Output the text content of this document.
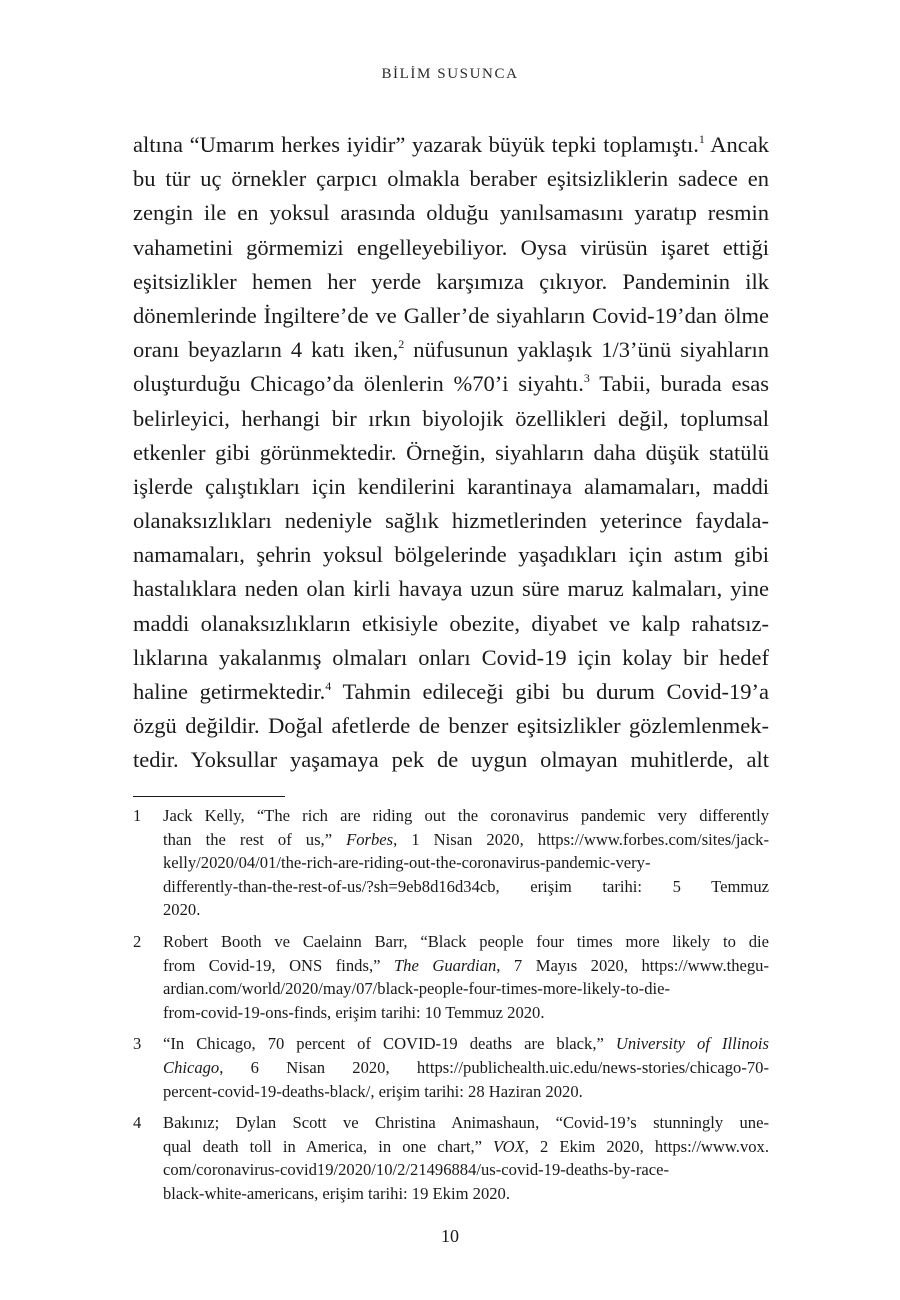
BİLİM SUSUNCA
altına “Umarım herkes iyidir” yazarak büyük tepki toplamıştı.$^1$ Ancak
bu tür uç örnekler çarpıcı olmakla beraber eşitsizliklerin sadece en
zengin ile en yoksul arasında olduğu yanılsamasını yaratıp resmin
vahametini görmemizi engelleyebiliyor. Oysa virüsün işaret ettiği
eşitsizlikler hemen her yerde karşımıza çıkıyor. Pandeminin ilk
dönemlerinde İngiltere’de ve Galler’de siyahların Covid-19’dan ölme
oranı beyazların 4 katı iken,$^2$ nüfusunun yaklaşık 1/3’ünü siyahların
oluşturduğu Chicago’da ölenlerin %70’i siyahtı.$^3$ Tabii, burada esas
belirleyici, herhangi bir ırkın biyolojik özellikleri değil, toplumsal
etkenler gibi görünmektedir. Örneğin, siyahların daha düşük statülü
işlerde çalıştıkları için kendilerini karantinaya alamamaları, maddi
olanaksızlıkları nedeniyle sağlık hizmetlerinden yeterince faydala-
namamaları, şehrin yoksul bölgelerinde yaşadıkları için astım gibi
hastalıklara neden olan kirli havaya uzun süre maruz kalmaları, yine
maddi olanaksızlıkların etkisiyle obezite, diyabet ve kalp rahatsız-
lıklarına yakalanmış olmaları onları Covid-19 için kolay bir hedef
haline getirmektedir.$^4$ Tahmin edileceği gibi bu durum Covid-19’a
özgü değildir. Doğal afetlerde de benzer eşitsizlikler gözlemlenmek-
tedir. Yoksullar yaşamaya pek de uygun olmayan muhitlerde, alt
1	Jack Kelly, “The rich are riding out the coronavirus pandemic very differently
than the rest of us,” Forbes, 1 Nisan 2020, https://www.forbes.com/sites/jack-
kelly/2020/04/01/the-rich-are-riding-out-the-coronavirus-pandemic-very-
differently-than-the-rest-of-us/?sh=9eb8d16d34cb, erişim tarihi: 5 Temmuz
2020.
2	Robert Booth ve Caelainn Barr, “Black people four times more likely to die
from Covid-19, ONS finds,” The Guardian, 7 Mayıs 2020, https://www.thegu-
ardian.com/world/2020/may/07/black-people-four-times-more-likely-to-die-
from-covid-19-ons-finds, erişim tarihi: 10 Temmuz 2020.
3	“In Chicago, 70 percent of COVID-19 deaths are black,” University of Illinois
Chicago, 6 Nisan 2020, https://publichealth.uic.edu/news-stories/chicago-70-
percent-covid-19-deaths-black/, erişim tarihi: 28 Haziran 2020.
4	Bakınız; Dylan Scott ve Christina Animashaun, “Covid-19’s stunningly une-
qual death toll in America, in one chart,” VOX, 2 Ekim 2020, https://www.vox.
com/coronavirus-covid19/2020/10/2/21496884/us-covid-19-deaths-by-race-
black-white-americans, erişim tarihi: 19 Ekim 2020.
10
